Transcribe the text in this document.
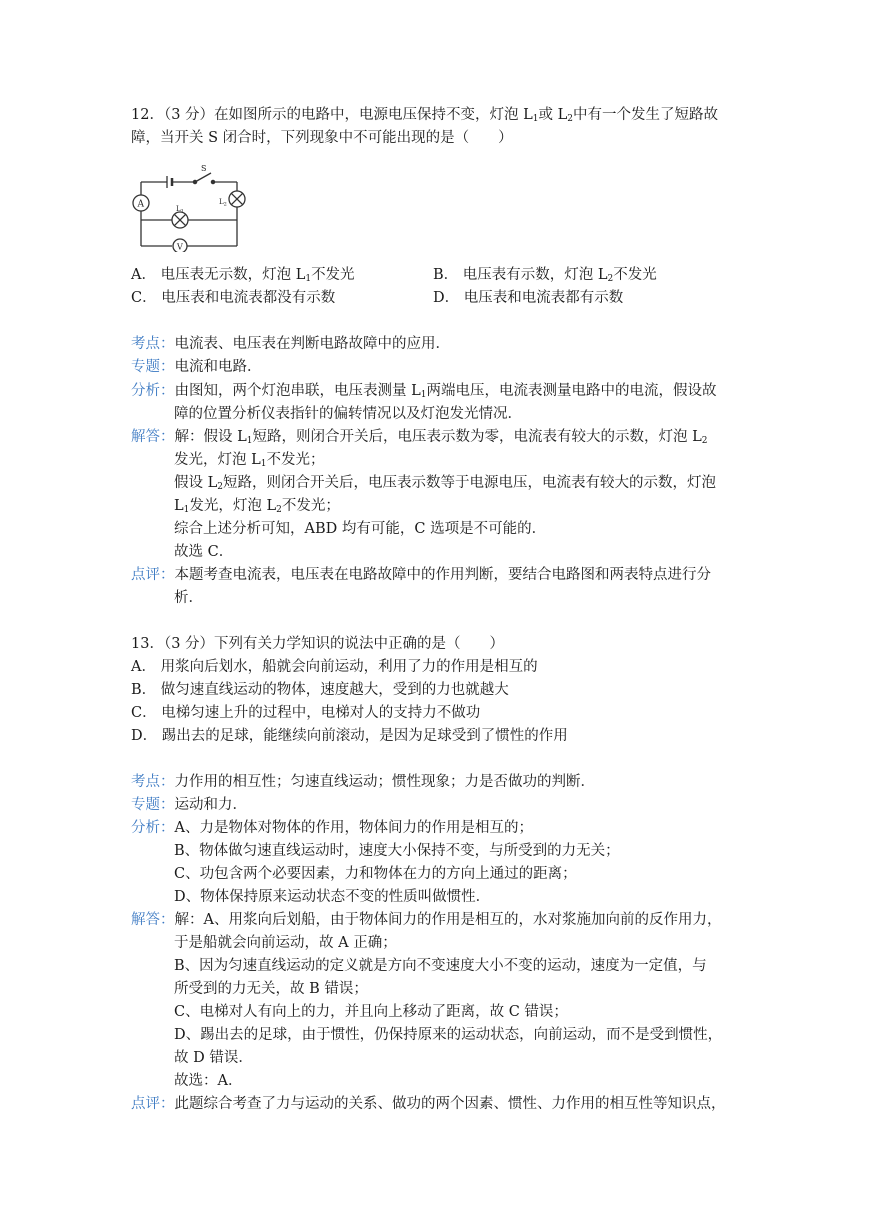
12．（3 分）在如图所示的电路中，电源电压保持不变，灯泡 $L_1$或 $L_2$中有一个发生了短路故
障，当开关 S 闭合时，下列现象中不可能出现的是（　　）
S
A
V
$L_1$
$L_2$
A． 电压表无示数，灯泡 $L_1$不发光	B． 电压表有示数，灯泡 $L_2$不发光
C． 电压表和电流表都没有示数	D． 电压表和电流表都有示数
考点：电流表、电压表在判断电路故障中的应用．
专题：电流和电路．
分析：由图知，两个灯泡串联，电压表测量 $L_1$两端电压，电流表测量电路中的电流，假设故
障的位置分析仪表指针的偏转情况以及灯泡发光情况．
解答：解：假设 $L_1$短路，则闭合开关后，电压表示数为零，电流表有较大的示数，灯泡 $L_2$
发光，灯泡 $L_1$不发光；
假设 $L_2$短路，则闭合开关后，电压表示数等于电源电压，电流表有较大的示数，灯泡
$L_1$发光，灯泡 $L_2$不发光；
综合上述分析可知，ABD 均有可能，C 选项是不可能的．
故选 C．
点评：本题考查电流表，电压表在电路故障中的作用判断，要结合电路图和两表特点进行分
析．
13．（3 分）下列有关力学知识的说法中正确的是（　　）
A． 用浆向后划水，船就会向前运动，利用了力的作用是相互的
B． 做匀速直线运动的物体，速度越大，受到的力也就越大
C． 电梯匀速上升的过程中，电梯对人的支持力不做功
D． 踢出去的足球，能继续向前滚动，是因为足球受到了惯性的作用
考点：力作用的相互性；匀速直线运动；惯性现象；力是否做功的判断．
专题：运动和力．
分析：A、力是物体对物体的作用，物体间力的作用是相互的；
B、物体做匀速直线运动时，速度大小保持不变，与所受到的力无关；
C、功包含两个必要因素，力和物体在力的方向上通过的距离；
D、物体保持原来运动状态不变的性质叫做惯性．
解答：解：A、用浆向后划船，由于物体间力的作用是相互的，水对浆施加向前的反作用力，
于是船就会向前运动，故 A 正确；
B、因为匀速直线运动的定义就是方向不变速度大小不变的运动，速度为一定值，与
所受到的力无关，故 B 错误；
C、电梯对人有向上的力，并且向上移动了距离，故 C 错误；
D、踢出去的足球，由于惯性，仍保持原来的运动状态，向前运动，而不是受到惯性，
故 D 错误．
故选：A．
点评：此题综合考查了力与运动的关系、做功的两个因素、惯性、力作用的相互性等知识点，
